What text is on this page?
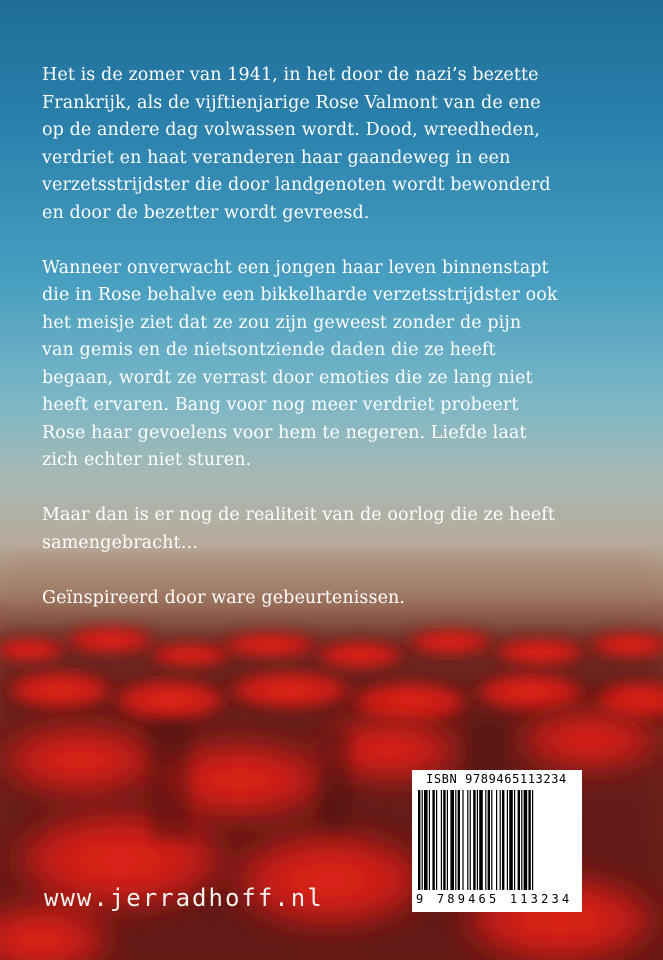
Het is de zomer van 1941, in het door de nazi’s bezette
Frankrijk, als de vijftienjarige Rose Valmont van de ene
op de andere dag volwassen wordt. Dood, wreedheden,
verdriet en haat veranderen haar gaandeweg in een
verzetsstrijdster die door landgenoten wordt bewonderd
en door de bezetter wordt gevreesd.

Wanneer onverwacht een jongen haar leven binnenstapt
die in Rose behalve een bikkelharde verzetsstrijdster ook
het meisje ziet dat ze zou zijn geweest zonder de pijn
van gemis en de nietsontziende daden die ze heeft
begaan, wordt ze verrast door emoties die ze lang niet
heeft ervaren. Bang voor nog meer verdriet probeert
Rose haar gevoelens voor hem te negeren. Liefde laat
zich echter niet sturen.

Maar dan is er nog de realiteit van de oorlog die ze heeft
samengebracht…

Geïnspireerd door ware gebeurtenissen.

www.jerradhoff.nl
ISBN 9789465113234
9 789465 113234
